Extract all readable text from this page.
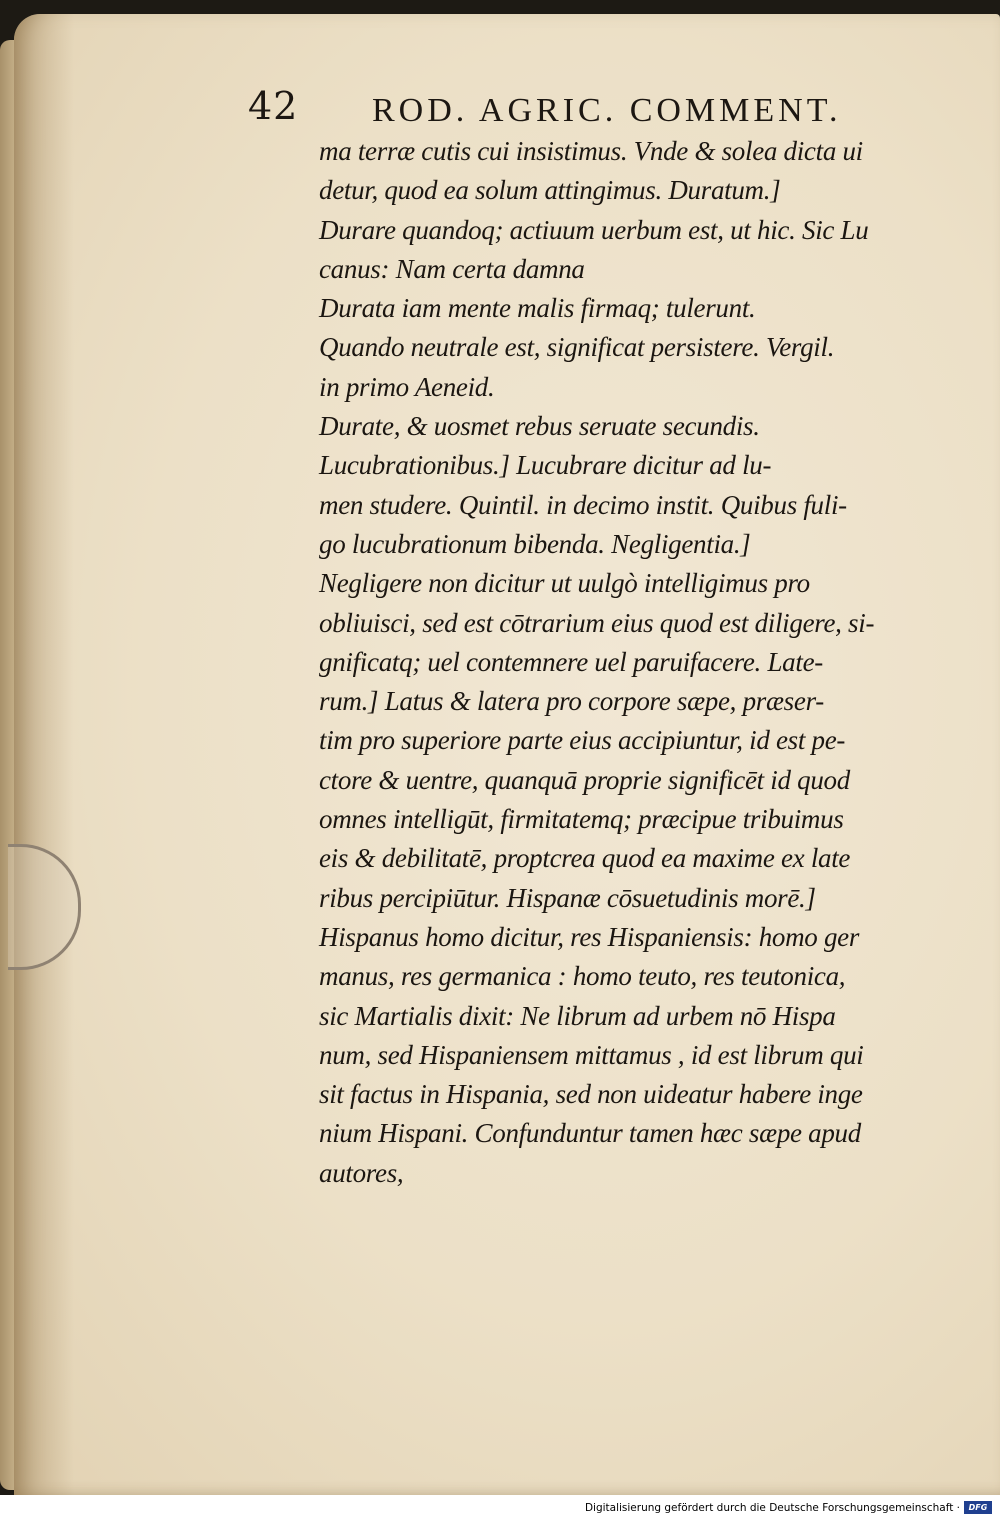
42 ROD. AGRIC. COMMENT.
ma terræ cutis cui insistimus. Vnde & solea dicta ui
detur, quod ea solum attingimus. Duratum.]
Durare quandoq; actiuum uerbum est, ut hic. Sic Lu
canus: Nam certa damna
Durata iam mente malis firmaq; tulerunt.
Quando neutrale est, significat persistere. Vergil.
in primo Aeneid.
Durate, & uosmet rebus seruate secundis.
Lucubrationibus.] Lucubrare dicitur ad lu-
men studere. Quintil. in decimo instit. Quibus fuli-
go lucubrationum bibenda. Negligentia.]
Negligere non dicitur ut uulgò intelligimus pro
obliuisci, sed est cōtrarium eius quod est diligere, si-
gnificatq; uel contemnere uel paruifacere. Late-
rum.] Latus & latera pro corpore sæpe, præser-
tim pro superiore parte eius accipiuntur, id est pe-
ctore & uentre, quanquā proprie significēt id quod
omnes intelligūt, firmitatemq; præcipue tribuimus
eis & debilitatē, proptcrea quod ea maxime ex late
ribus percipiūtur. Hispanæ cōsuetudinis morē.]
Hispanus homo dicitur, res Hispaniensis: homo ger
manus, res germanica : homo teuto, res teutonica,
sic Martialis dixit: Ne librum ad urbem nō Hispa
num, sed Hispaniensem mittamus , id est librum qui
sit factus in Hispania, sed non uideatur habere inge
nium Hispani. Confunduntur tamen hæc sæpe apud
autores,
Digitalisierung gefördert durch die Deutsche Forschungsgemeinschaft ·	DFG
